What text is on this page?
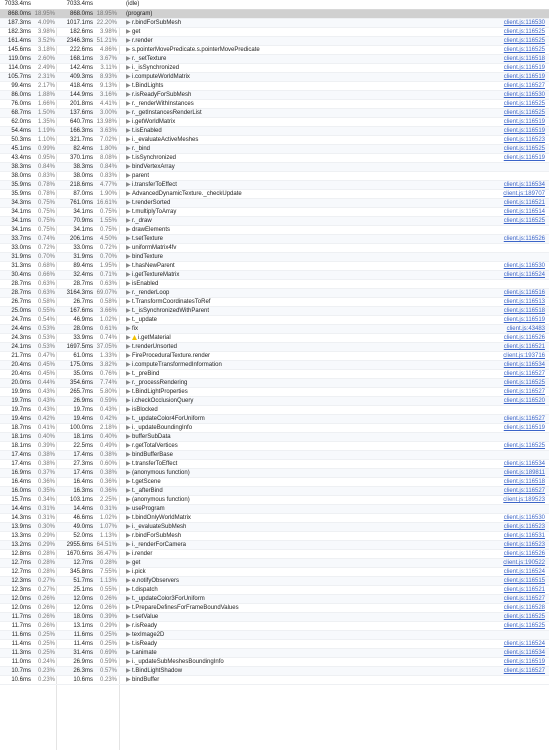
7033.4ms	7033.4ms	(idle)
868.0ms 18.95%	868.0ms 18.95% (program)
187.3ms	4.09%	1017.1ms 22.20% ▶r.bindForSubMesh	client.js:116530
182.3ms	3.98%	182.6ms	3.98% ▶get	client.js:116525
161.4ms	3.52%	2346.3ms 51.21% ▶r.render	client.js:116525
145.6ms	3.18%	222.6ms	4.86% ▶s.pointerMovePredicate.s.pointerMovePredicate	client.js:116525
119.0ms	2.60%	168.1ms	3.67% ▶r._setTexture	client.js:116518
114.0ms	2.49%	142.4ms	3.11% ▶i._isSynchronized	client.js:116519
105.7ms	2.31%	409.3ms	8.93% ▶i.computeWorldMatrix	client.js:116519
99.4ms	2.17%	418.4ms	9.13% ▶t.BindLights	client.js:116527
86.0ms	1.88%	144.9ms	3.16% ▶r.isReadyForSubMesh	client.js:116530
76.0ms	1.66%	201.8ms	4.41% ▶r._renderWithInstances	client.js:116525
68.7ms	1.50%	137.6ms	3.00% ▶r._getInstancesRenderList	client.js:116525
62.0ms	1.35%	640.7ms 13.98% ▶i.getWorldMatrix	client.js:116519
54.4ms	1.19%	166.3ms	3.63% ▶t.isEnabled	client.js:116519
50.3ms	1.10%	321.7ms	7.02% ▶i._evaluateActiveMeshes	client.js:116523
45.1ms	0.99%	82.4ms	1.80% ▶r._bind	client.js:116525
43.4ms	0.95%	370.1ms	8.08% ▶t.isSynchronized	client.js:116519
38.3ms	0.84%	38.3ms	0.84% ▶bindVertexArray
38.0ms	0.83%	38.0ms	0.83% ▶parent
35.9ms	0.78%	218.6ms	4.77% ▶i.transferToEffect	client.js:116534
35.9ms	0.78%	87.0ms	1.90% ▶AdvancedDynamicTexture._checkUpdate	client.js:189707
34.3ms	0.75%	761.0ms 16.61% ▶t.renderSorted	client.js:116521
34.1ms	0.75%	34.1ms	0.75% ▶t.multiplyToArray	client.js:116514
34.1ms	0.75%	70.9ms	1.55% ▶r._draw	client.js:116525
34.1ms	0.75%	34.1ms	0.75% ▶drawElements
33.7ms	0.74%	206.1ms	4.50% ▶t.setTexture	client.js:116526
33.0ms	0.72%	33.0ms	0.72% ▶uniformMatrix4fv
31.9ms	0.70%	31.9ms	0.70% ▶bindTexture
31.3ms	0.68%	89.4ms	1.95% ▶t.hasNewParent	client.js:116530
30.4ms	0.66%	32.4ms	0.71% ▶i.getTextureMatrix	client.js:116524
28.7ms	0.63%	28.7ms	0.63% ▶isEnabled
28.7ms	0.63%	3164.3ms 69.07% ▶r._renderLoop	client.js:116516
26.7ms	0.58%	26.7ms	0.58% ▶t.TransformCoordinatesToRef	client.js:116513
25.0ms	0.55%	167.6ms	3.66% ▶t._isSynchronizedWithParent	client.js:116518
24.7ms	0.54%	46.9ms	1.02% ▶t._update	client.js:116519
24.4ms	0.53%	28.0ms	0.61% ▶fix	client.js:43483
24.3ms	0.53%	33.9ms	0.74% ▶ i.getMaterial	client.js:116526
24.1ms	0.53%	1697.5ms 37.05% ▶t.renderUnsorted	client.js:116521
21.7ms	0.47%	61.0ms	1.33% ▶FireProceduralTexture.render	client.js:193716
20.4ms	0.45%	175.0ms	3.82% ▶i.computeTransformedInformation	client.js:116534
20.4ms	0.45%	35.0ms	0.76% ▶t._preBind	client.js:116527
20.0ms	0.44%	354.6ms	7.74% ▶r._processRendering	client.js:116525
19.9ms	0.43%	265.7ms	5.80% ▶t.BindLightProperties	client.js:116527
19.7ms	0.43%	26.9ms	0.59% ▶i.checkOcclusionQuery	client.js:116520
19.7ms	0.43%	19.7ms	0.43% ▶isBlocked
19.4ms	0.42%	19.4ms	0.42% ▶t._updateColor4ForUniform	client.js:116527
18.7ms	0.41%	100.0ms	2.18% ▶i._updateBoundingInfo	client.js:116519
18.1ms	0.40%	18.1ms	0.40% ▶bufferSubData
18.1ms	0.39%	22.5ms	0.49% ▶r.getTotalVertices	client.js:116525
17.4ms	0.38%	17.4ms	0.38% ▶bindBufferBase
17.4ms	0.38%	27.3ms	0.60% ▶t.transferToEffect	client.js:116534
16.9ms	0.37%	17.4ms	0.38% ▶(anonymous function)	client.js:189811
16.4ms	0.36%	16.4ms	0.36% ▶t.getScene	client.js:116518
16.0ms	0.35%	16.3ms	0.36% ▶t._afterBind	client.js:116527
15.7ms	0.34%	103.1ms	2.25% ▶(anonymous function)	client.js:189523
14.4ms	0.31%	14.4ms	0.31% ▶useProgram
14.3ms	0.31%	46.6ms	1.02% ▶t.bindOnlyWorldMatrix	client.js:116530
13.9ms	0.30%	49.0ms	1.07% ▶i._evaluateSubMesh	client.js:116523
13.3ms	0.29%	52.0ms	1.13% ▶r.bindForSubMesh	client.js:116531
13.2ms	0.29%	2955.6ms 64.51% ▶i._renderForCamera	client.js:116523
12.8ms	0.28%	1670.6ms 36.47% ▶i.render	client.js:116526
12.7ms	0.28%	12.7ms	0.28% ▶get	client.js:190522
12.7ms	0.28%	345.8ms	7.55% ▶i.pick	client.js:116524
12.3ms	0.27%	51.7ms	1.13% ▶e.notifyObservers	client.js:116515
12.3ms	0.27%	25.1ms	0.55% ▶t.dispatch	client.js:116521
12.0ms	0.26%	12.0ms	0.26% ▶t._updateColor3ForUniform	client.js:116527
12.0ms	0.26%	12.0ms	0.26% ▶t.PrepareDefinesForFrameBoundValues	client.js:116528
11.7ms	0.26%	18.0ms	0.39% ▶t.setValue	client.js:116525
11.7ms	0.26%	13.1ms	0.29% ▶r.isReady	client.js:116525
11.6ms	0.25%	11.6ms	0.25% ▶texImage2D
11.4ms	0.25%	11.4ms	0.25% ▶t.isReady	client.js:116524
11.3ms	0.25%	31.4ms	0.69% ▶t.animate	client.js:116534
11.0ms	0.24%	26.9ms	0.59% ▶i._updateSubMeshesBoundingInfo	client.js:116519
10.7ms	0.23%	26.3ms	0.57% ▶t.BindLightShadow	client.js:116527
10.6ms	0.23%	10.6ms	0.23% ▶bindBuffer
